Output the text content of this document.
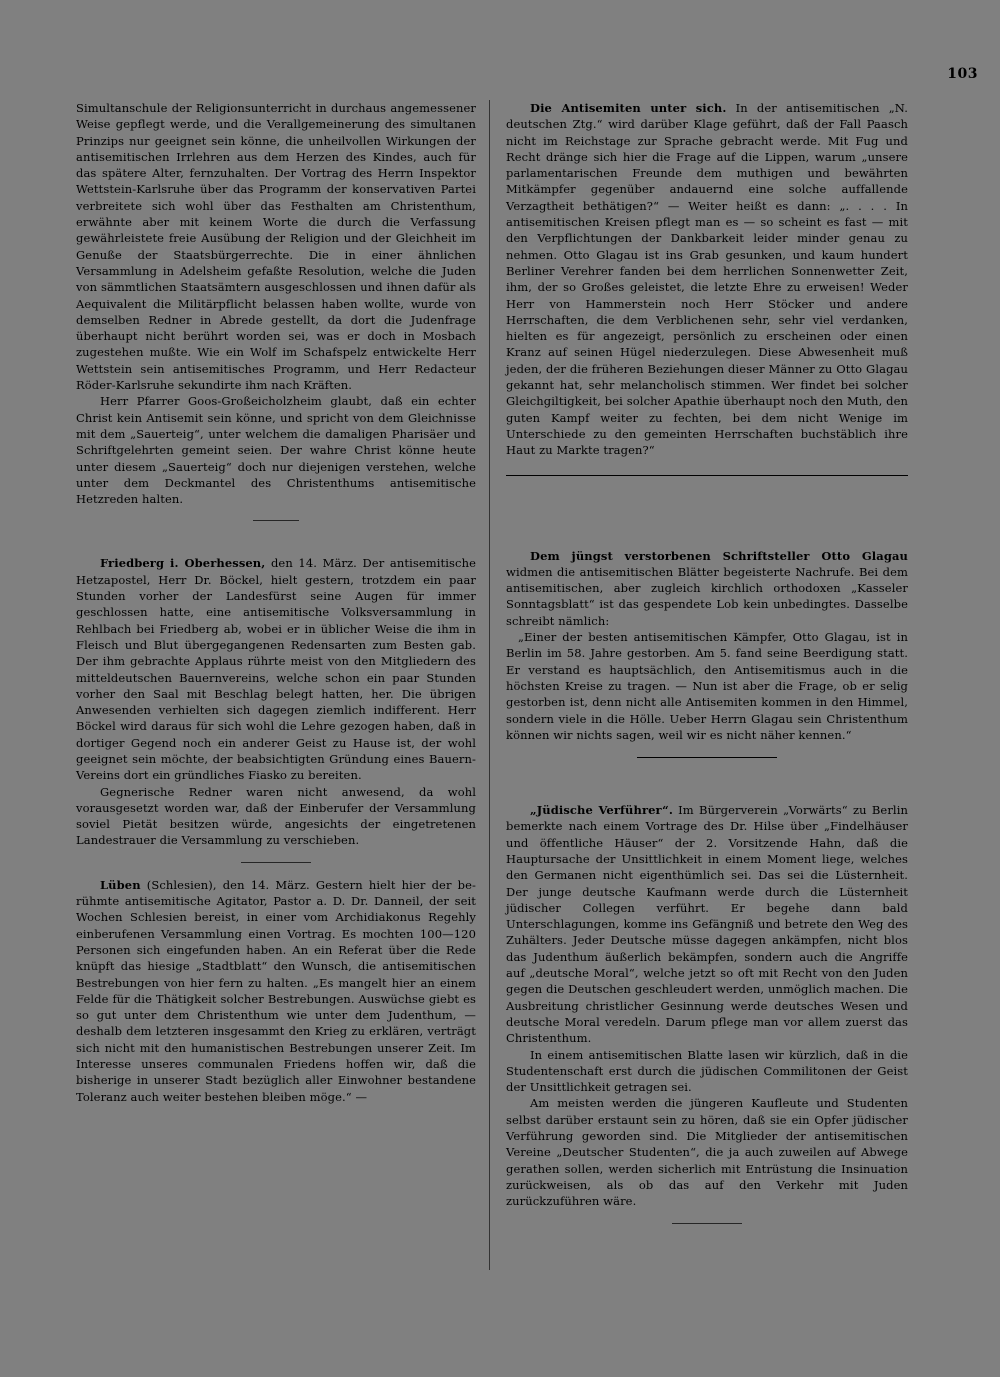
103

Simultanschule der Religionsunterricht in durchaus angemessener Weise gepflegt werde, und die Verallgemeinerung des simultanen Prinzips nur geeignet sein könne, die unheilvollen Wirkungen der antisemitischen Irrlehren aus dem Herzen des Kindes, auch für das spätere Alter, fernzuhalten. Der Vortrag des Herrn Inspektor Wettstein-Karlsruhe über das Programm der konservativen Partei verbreitete sich wohl über das Festhalten am Christenthum, erwähnte aber mit keinem Worte die durch die Verfassung gewährleistete freie Ausübung der Religion und der Gleichheit im Genuße der Staatsbürgerrechte. Die in einer ähnlichen Versammlung in Adelsheim gefaßte Resolution, welche die Juden von sämmtlichen Staatsämtern ausgeschlossen und ihnen dafür als Aequivalent die Militärpflicht belassen haben wollte, wurde von demselben Redner in Abrede gestellt, da dort die Judenfrage überhaupt nicht berührt worden sei, was er doch in Mosbach zugestehen mußte. Wie ein Wolf im Schafspelz entwickelte Herr Wettstein sein antisemitisches Programm, und Herr Redacteur Röder-Karlsruhe sekundirte ihm nach Kräften.

Herr Pfarrer Goos-Großeicholzheim glaubt, daß ein echter Christ kein Antisemit sein könne, und spricht von dem Gleichnisse mit dem „Sauerteig“, unter welchem die damaligen Pharisäer und Schriftgelehrten gemeint seien. Der wahre Christ könne heute unter diesem „Sauerteig“ doch nur diejenigen verstehen, welche unter dem Deckmantel des Christenthums antisemitische Hetzreden halten.

Friedberg i. Oberhessen, den 14. März. Der antisemitische Hetzapostel, Herr Dr. Böckel, hielt gestern, trotzdem ein paar Stunden vorher der Landesfürst seine Augen für immer geschlossen hatte, eine antisemitische Volksversammlung in Rehlbach bei Friedberg ab, wobei er in üblicher Weise die ihm in Fleisch und Blut übergegangenen Redensarten zum Besten gab. Der ihm gebrachte Applaus rührte meist von den Mitgliedern des mitteldeutschen Bauernvereins, welche schon ein paar Stunden vorher den Saal mit Beschlag belegt hatten, her. Die übrigen Anwesenden verhielten sich dagegen ziemlich indifferent. Herr Böckel wird daraus für sich wohl die Lehre gezogen haben, daß in dortiger Gegend noch ein anderer Geist zu Hause ist, der wohl geeignet sein möchte, der beabsichtigten Gründung eines Bauern-Vereins dort ein gründliches Fiasko zu bereiten.

Gegnerische Redner waren nicht anwesend, da wohl vorausgesetzt worden war, daß der Einberufer der Versammlung soviel Pietät besitzen würde, angesichts der eingetretenen Landestrauer die Versammlung zu verschieben.

Lüben (Schlesien), den 14. März. Gestern hielt hier der be-rühmte antisemitische Agitator, Pastor a. D. Dr. Danneil, der seit Wochen Schlesien bereist, in einer vom Archidiakonus Regehly einberufenen Versammlung einen Vortrag. Es mochten 100—120 Personen sich eingefunden haben. An ein Referat über die Rede knüpft das hiesige „Stadtblatt“ den Wunsch, die antisemitischen Bestrebungen von hier fern zu halten. „Es mangelt hier an einem Felde für die Thätigkeit solcher Bestrebungen. Auswüchse giebt es so gut unter dem Christenthum wie unter dem Judenthum, — deshalb dem letzteren insgesammt den Krieg zu erklären, verträgt sich nicht mit den humanistischen Bestrebungen unserer Zeit. Im Interesse unseres communalen Friedens hoffen wir, daß die bisherige in unserer Stadt bezüglich aller Einwohner bestandene Toleranz auch weiter bestehen bleiben möge.“ —

Die Antisemiten unter sich. In der antisemitischen „N. deutschen Ztg.“ wird darüber Klage geführt, daß der Fall Paasch nicht im Reichstage zur Sprache gebracht werde. Mit Fug und Recht dränge sich hier die Frage auf die Lippen, warum „unsere parlamentarischen Freunde dem muthigen und bewährten Mitkämpfer gegenüber andauernd eine solche auffallende Verzagtheit bethätigen?“ — Weiter heißt es dann: „. . . . In antisemitischen Kreisen pflegt man es — so scheint es fast — mit den Verpflichtungen der Dankbarkeit leider minder genau zu nehmen. Otto Glagau ist ins Grab gesunken, und kaum hundert Berliner Verehrer fanden bei dem herrlichen Sonnenwetter Zeit, ihm, der so Großes geleistet, die letzte Ehre zu erweisen! Weder Herr von Hammerstein noch Herr Stöcker und andere Herrschaften, die dem Verblichenen sehr, sehr viel verdanken, hielten es für angezeigt, persönlich zu erscheinen oder einen Kranz auf seinen Hügel niederzulegen. Diese Abwesenheit muß jeden, der die früheren Beziehungen dieser Männer zu Otto Glagau gekannt hat, sehr melancholisch stimmen. Wer findet bei solcher Gleichgiltigkeit, bei solcher Apathie überhaupt noch den Muth, den guten Kampf weiter zu fechten, bei dem nicht Wenige im Unterschiede zu den gemeinten Herrschaften buchstäblich ihre Haut zu Markte tragen?“

Dem jüngst verstorbenen Schriftsteller Otto Glagau widmen die antisemitischen Blätter begeisterte Nachrufe. Bei dem antisemitischen, aber zugleich kirchlich orthodoxen „Kasseler Sonntagsblatt“ ist das gespendete Lob kein unbedingtes. Dasselbe schreibt nämlich:

„Einer der besten antisemitischen Kämpfer, Otto Glagau, ist in Berlin im 58. Jahre gestorben. Am 5. fand seine Beerdigung statt. Er verstand es hauptsächlich, den Antisemitismus auch in die höchsten Kreise zu tragen. — Nun ist aber die Frage, ob er selig gestorben ist, denn nicht alle Antisemiten kommen in den Himmel, sondern viele in die Hölle. Ueber Herrn Glagau sein Christenthum können wir nichts sagen, weil wir es nicht näher kennen.“

„Jüdische Verführer“. Im Bürgerverein „Vorwärts“ zu Berlin bemerkte nach einem Vortrage des Dr. Hilse über „Findelhäuser und öffentliche Häuser“ der 2. Vorsitzende Hahn, daß die Hauptursache der Unsittlichkeit in einem Moment liege, welches den Germanen nicht eigenthümlich sei. Das sei die Lüsternheit. Der junge deutsche Kaufmann werde durch die Lüsternheit jüdischer Collegen verführt. Er begehe dann bald Unterschlagungen, komme ins Gefängniß und betrete den Weg des Zuhälters. Jeder Deutsche müsse dagegen ankämpfen, nicht blos das Judenthum äußerlich bekämpfen, sondern auch die Angriffe auf „deutsche Moral“, welche jetzt so oft mit Recht von den Juden gegen die Deutschen geschleudert werden, unmöglich machen. Die Ausbreitung christlicher Gesinnung werde deutsches Wesen und deutsche Moral veredeln. Darum pflege man vor allem zuerst das Christenthum.

In einem antisemitischen Blatte lasen wir kürzlich, daß in die Studentenschaft erst durch die jüdischen Commilitonen der Geist der Unsittlichkeit getragen sei.

Am meisten werden die jüngeren Kaufleute und Studenten selbst darüber erstaunt sein zu hören, daß sie ein Opfer jüdischer Verführung geworden sind. Die Mitglieder der antisemitischen Vereine „Deutscher Studenten“, die ja auch zuweilen auf Abwege gerathen sollen, werden sicherlich mit Entrüstung die Insinuation zurückweisen, als ob das auf den Verkehr mit Juden zurückzuführen wäre.
